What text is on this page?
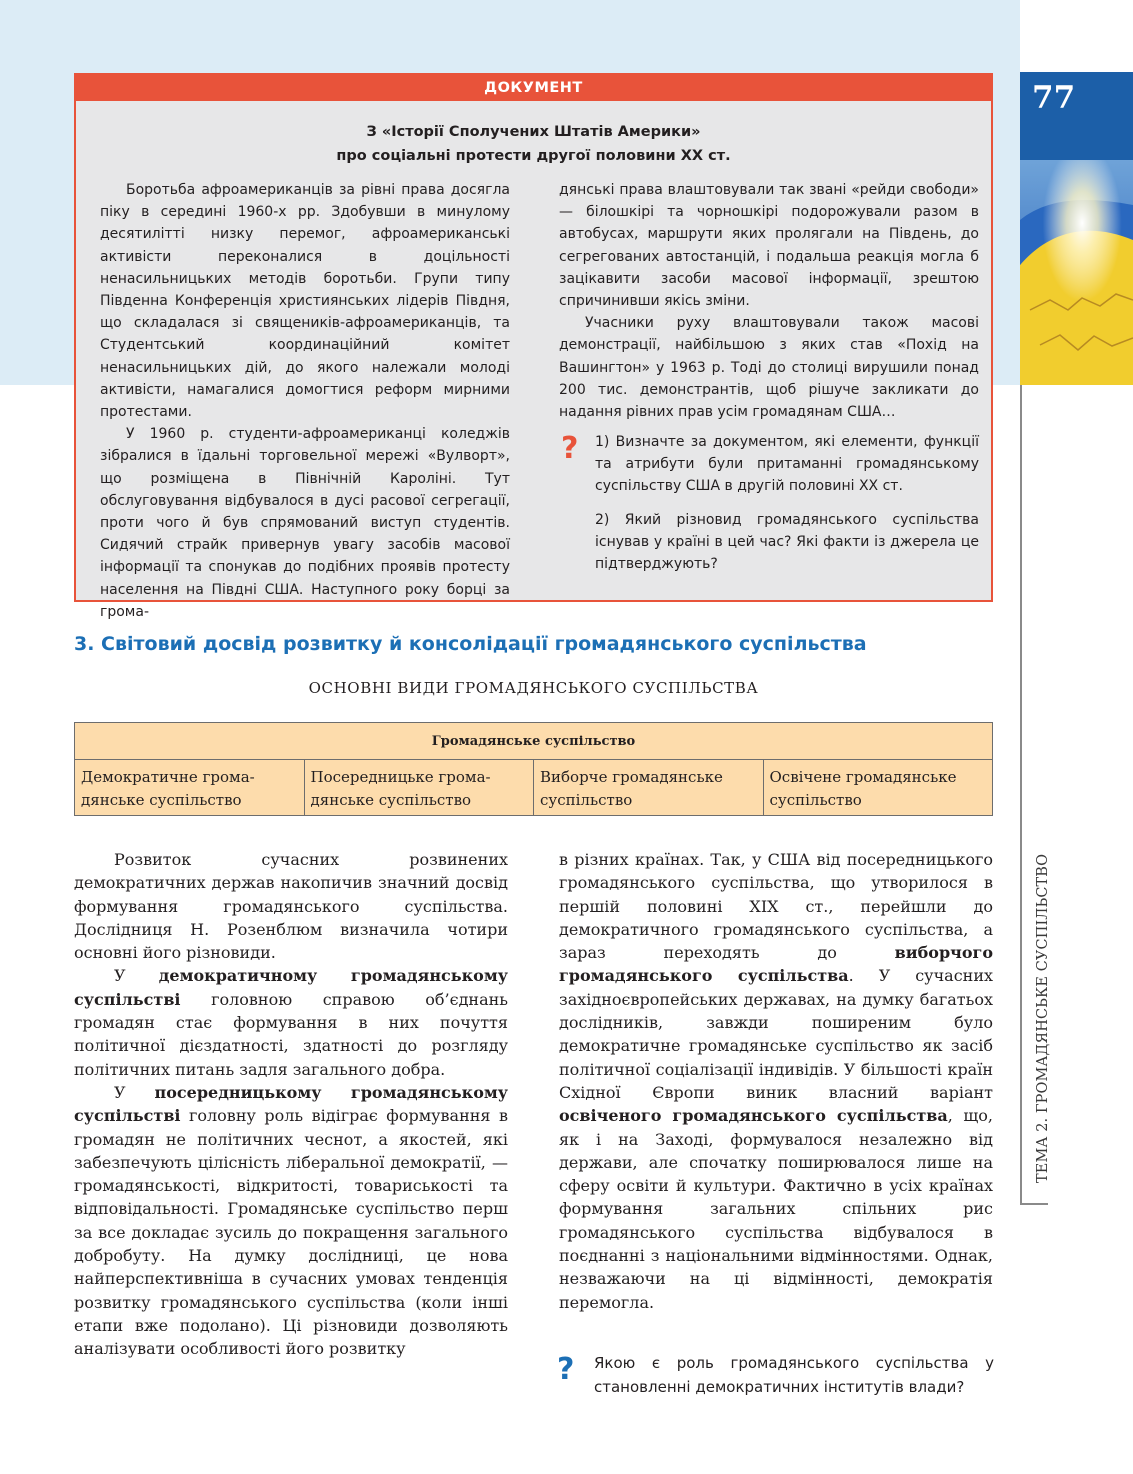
77
ТЕМА 2. ГРОМАДЯНСЬКЕ СУСПІЛЬСТВО
ДОКУМЕНТ
З «Історії Сполучених Штатів Америки»
про соціальні протести другої половини ХХ ст.

Боротьба афроамериканців за рівні права досягла піку в середині 1960-х рр. Здобувши в минулому десятилітті низку перемог, афроамериканські активісти переконалися в доцільності ненасильницьких методів боротьби. Групи типу Південна Конференція християнських лідерів Півдня, що складалася зі священиків-афроамериканців, та Студентський координаційний комітет ненасильницьких дій, до якого належали молоді активісти, намагалися домогтися реформ мирними протестами.

У 1960 р. студенти-афроамериканці коледжів зібралися в їдальні торговельної мережі «Вулворт», що розміщена в Північній Кароліні. Тут обслуговування відбувалося в дусі расової сегрегації, проти чого й був спрямований виступ студентів. Сидячий страйк привернув увагу засобів масової інформації та спонукав до подібних проявів протесту населення на Півдні США. Наступного року борці за грома-

дянські права влаштовували так звані «рейди свободи» — білошкірі та чорношкірі подорожували разом в автобусах, маршрути яких пролягали на Південь, до сегрегованих автостанцій, і подальша реакція могла б зацікавити засоби масової інформації, зрештою спричинивши якісь зміни.

Учасники руху влаштовували також масові демонстрації, найбільшою з яких став «Похід на Вашингтон» у 1963 р. Тоді до столиці вирушили понад 200 тис. демонстрантів, щоб рішуче закликати до надання рівних прав усім громадянам США…

? 1) Визначте за документом, які елементи, функції та атрибути були притаманні громадянському суспільству США в другій половині ХХ ст.
2) Який різновид громадянського суспільства існував у країні в цей час? Які факти із джерела це підтверджують?
3. Світовий досвід розвитку й консолідації громадянського суспільства
ОСНОВНІ ВИДИ ГРОМАДЯНСЬКОГО СУСПІЛЬСТВА
Громадянське суспільство
Демократичне грома-дянське суспільство	Посередницьке грома-дянське суспільство	Виборче громадянське суспільство	Освічене громадянське суспільство

Розвиток сучасних розвинених демократичних держав накопичив значний досвід формування громадянського суспільства. Дослідниця Н. Розенблюм визначила чотири основні його різновиди.

У демократичному громадянському суспільстві головною справою об’єднань громадян стає формування в них почуття політичної дієздатності, здатності до розгляду політичних питань задля загального добра.

У посередницькому громадянському суспільстві головну роль відіграє формування в громадян не політичних чеснот, а якостей, які забезпечують цілісність ліберальної демократії, — громадянськості, відкритості, товариськості та відповідальності. Громадянське суспільство перш за все докладає зусиль до покращення загального добробуту. На думку дослідниці, це нова найперспективніша в сучасних умовах тенденція розвитку громадянського суспільства (коли інші етапи вже подолано). Ці різновиди дозволяють аналізувати особливості його розвитку

в різних країнах. Так, у США від посередницького громадянського суспільства, що утворилося в першій половині ХІХ ст., перейшли до демократичного громадянського суспільства, а зараз переходять до виборчого громадянського суспільства. У сучасних західноєвропейських державах, на думку багатьох дослідників, завжди поширеним було демократичне громадянське суспільство як засіб політичної соціалізації індивідів. У більшості країн Східної Європи виник власний варіант освіченого громадянського суспільства, що, як і на Заході, формувалося незалежно від держави, але спочатку поширювалося лише на сферу освіти й культури. Фактично в усіх країнах формування загальних спільних рис громадянського суспільства відбувалося в поєднанні з національними відмінностями. Однак, незважаючи на ці відмінності, демократія перемогла.

? Якою є роль громадянського суспільства у становленні демократичних інститутів влади?
